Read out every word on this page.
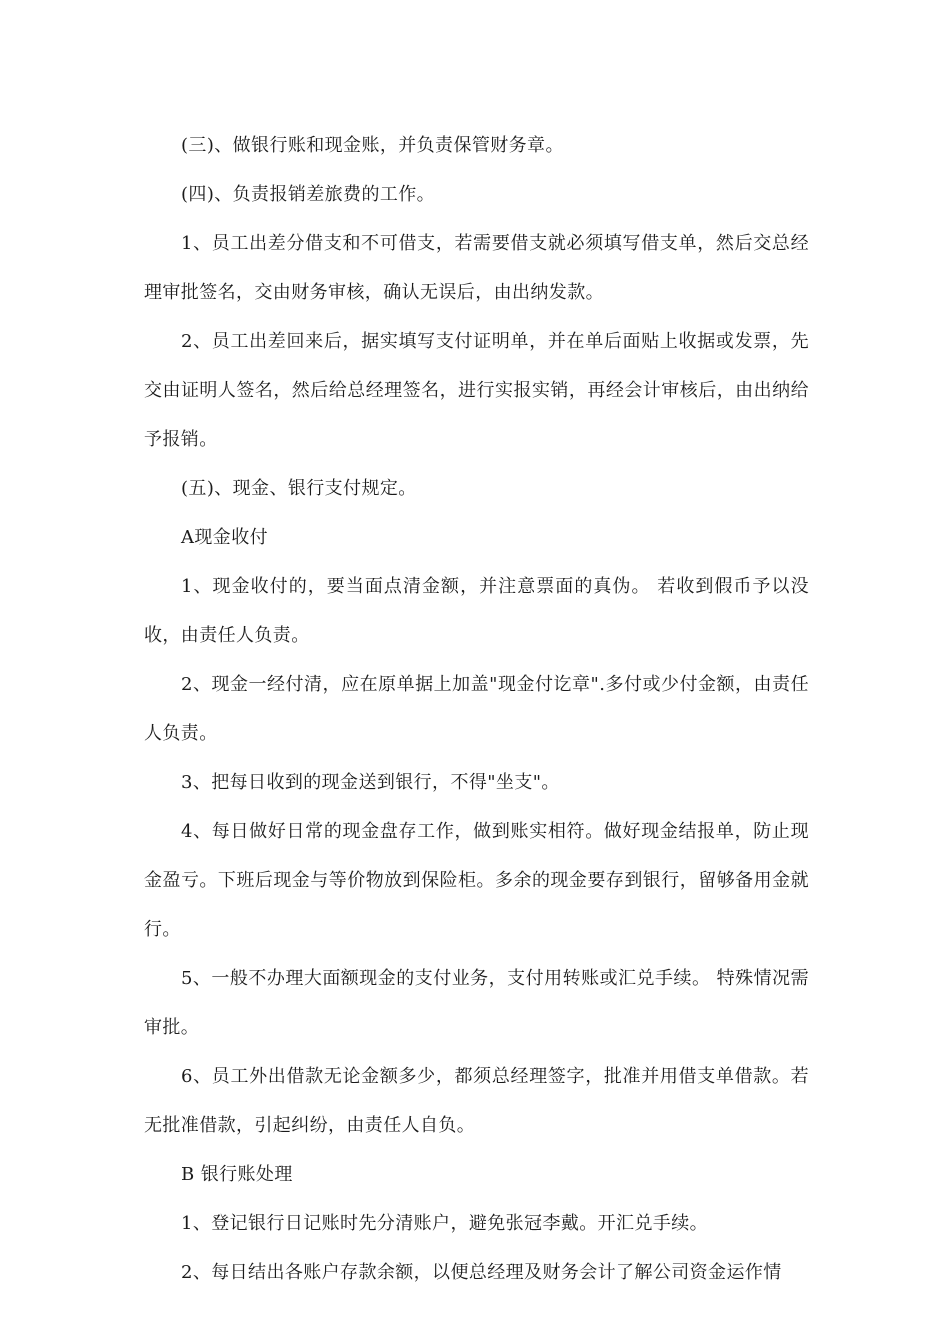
(三)、做银行账和现金账，并负责保管财务章。

(四)、负责报销差旅费的工作。

1、员工出差分借支和不可借支，若需要借支就必须填写借支单，然后交总经理审批签名，交由财务审核，确认无误后，由出纳发款。

2、员工出差回来后，据实填写支付证明单，并在单后面贴上收据或发票，先交由证明人签名，然后给总经理签名，进行实报实销，再经会计审核后，由出纳给予报销。

(五)、现金、银行支付规定。

A现金收付

1、现金收付的，要当面点清金额，并注意票面的真伪。 若收到假币予以没收，由责任人负责。

2、现金一经付清，应在原单据上加盖"现金付讫章".多付或少付金额，由责任人负责。

3、把每日收到的现金送到银行，不得"坐支"。

4、每日做好日常的现金盘存工作，做到账实相符。做好现金结报单，防止现金盈亏。下班后现金与等价物放到保险柜。多余的现金要存到银行，留够备用金就行。

5、一般不办理大面额现金的支付业务，支付用转账或汇兑手续。 特殊情况需审批。

6、员工外出借款无论金额多少，都须总经理签字，批准并用借支单借款。若无批准借款，引起纠纷，由责任人自负。

B 银行账处理

1、登记银行日记账时先分清账户，避免张冠李戴。开汇兑手续。

2、每日结出各账户存款余额，以便总经理及财务会计了解公司资金运作情
